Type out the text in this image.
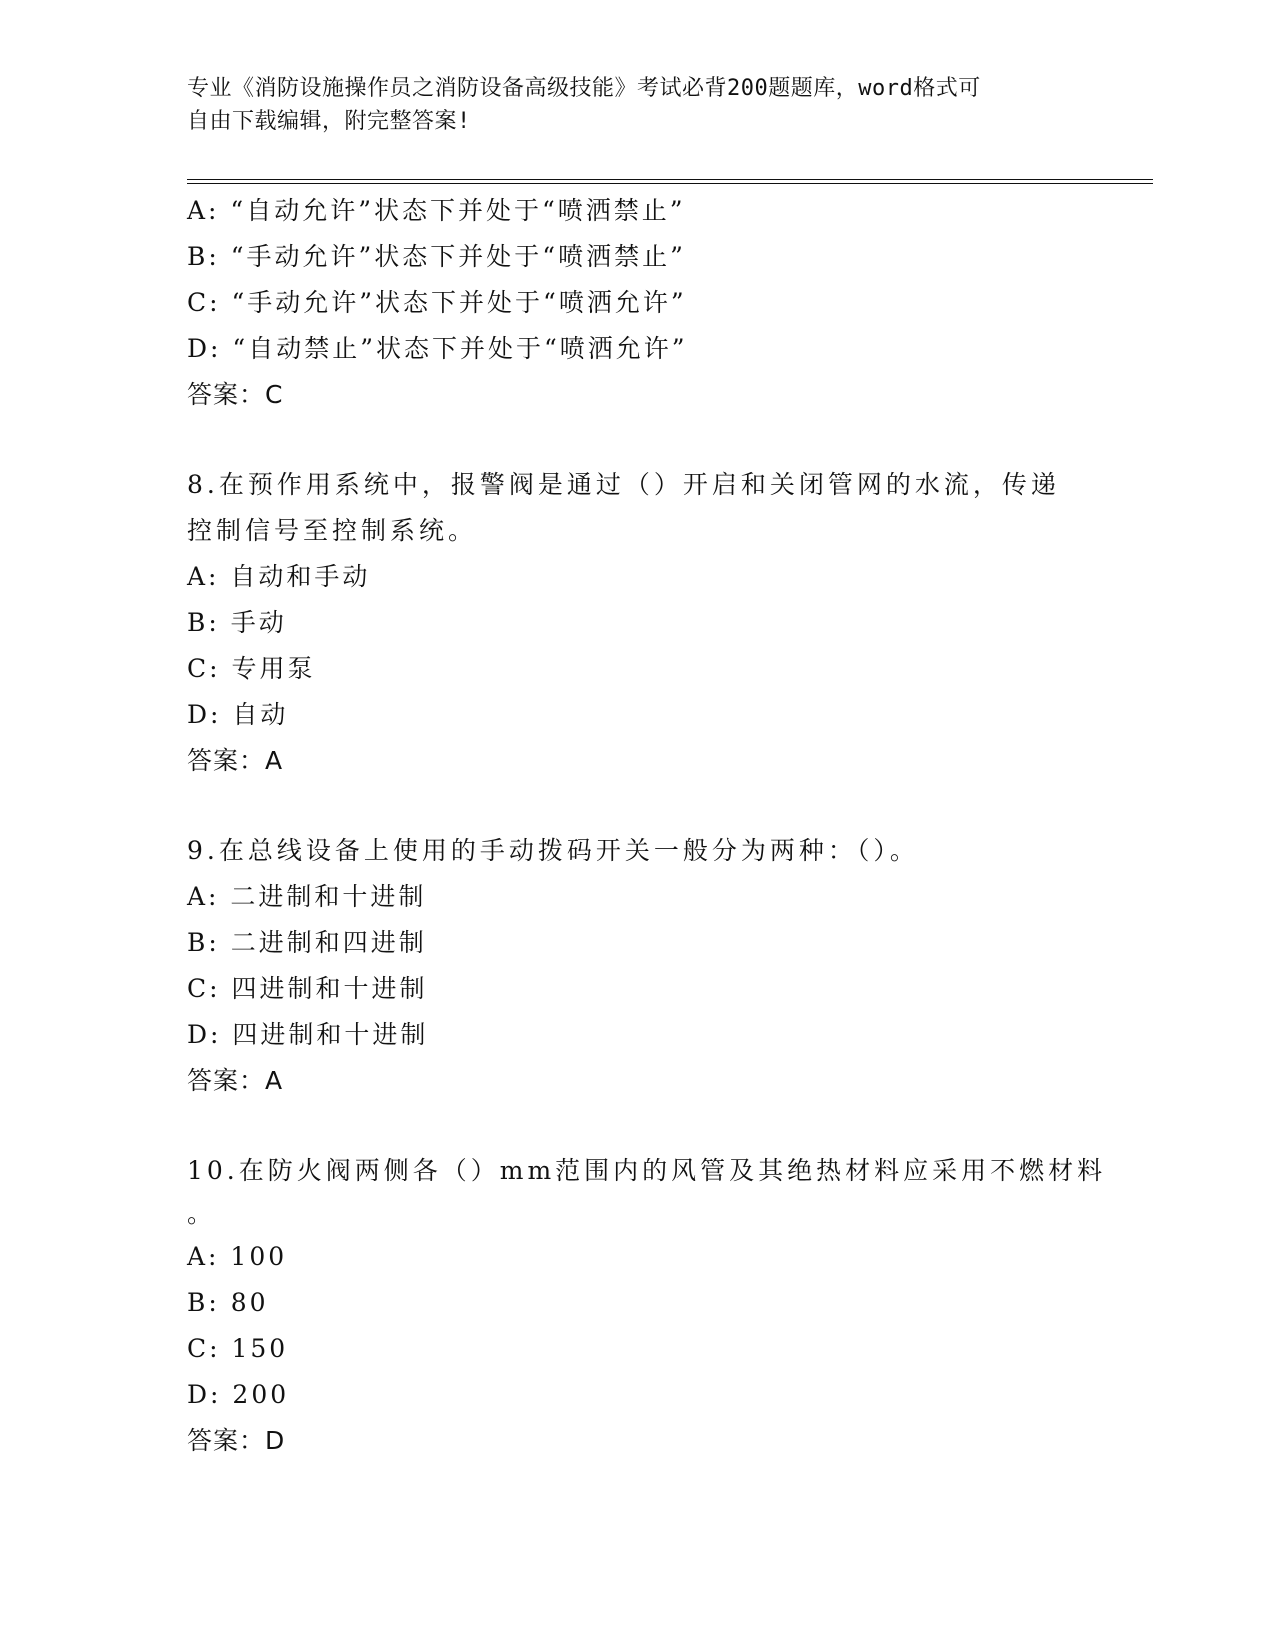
专业《消防设施操作员之消防设备高级技能》考试必背200题题库，word格式可
自由下载编辑，附完整答案!
A: “自动允许”状态下并处于“喷洒禁止”
B: “手动允许”状态下并处于“喷洒禁止”
C: “手动允许”状态下并处于“喷洒允许”
D: “自动禁止”状态下并处于“喷洒允许”
答案：C
8.在预作用系统中，报警阀是通过（）开启和关闭管网的水流，传递
控制信号至控制系统。
A: 自动和手动
B: 手动
C: 专用泵
D: 自动
答案：A
9.在总线设备上使用的手动拨码开关一般分为两种：（）。
A: 二进制和十进制
B: 二进制和四进制
C: 四进制和十进制
D: 四进制和十进制
答案：A
10.在防火阀两侧各（）mm范围内的风管及其绝热材料应采用不燃材料
。
A: 100
B: 80
C: 150
D: 200
答案：D
